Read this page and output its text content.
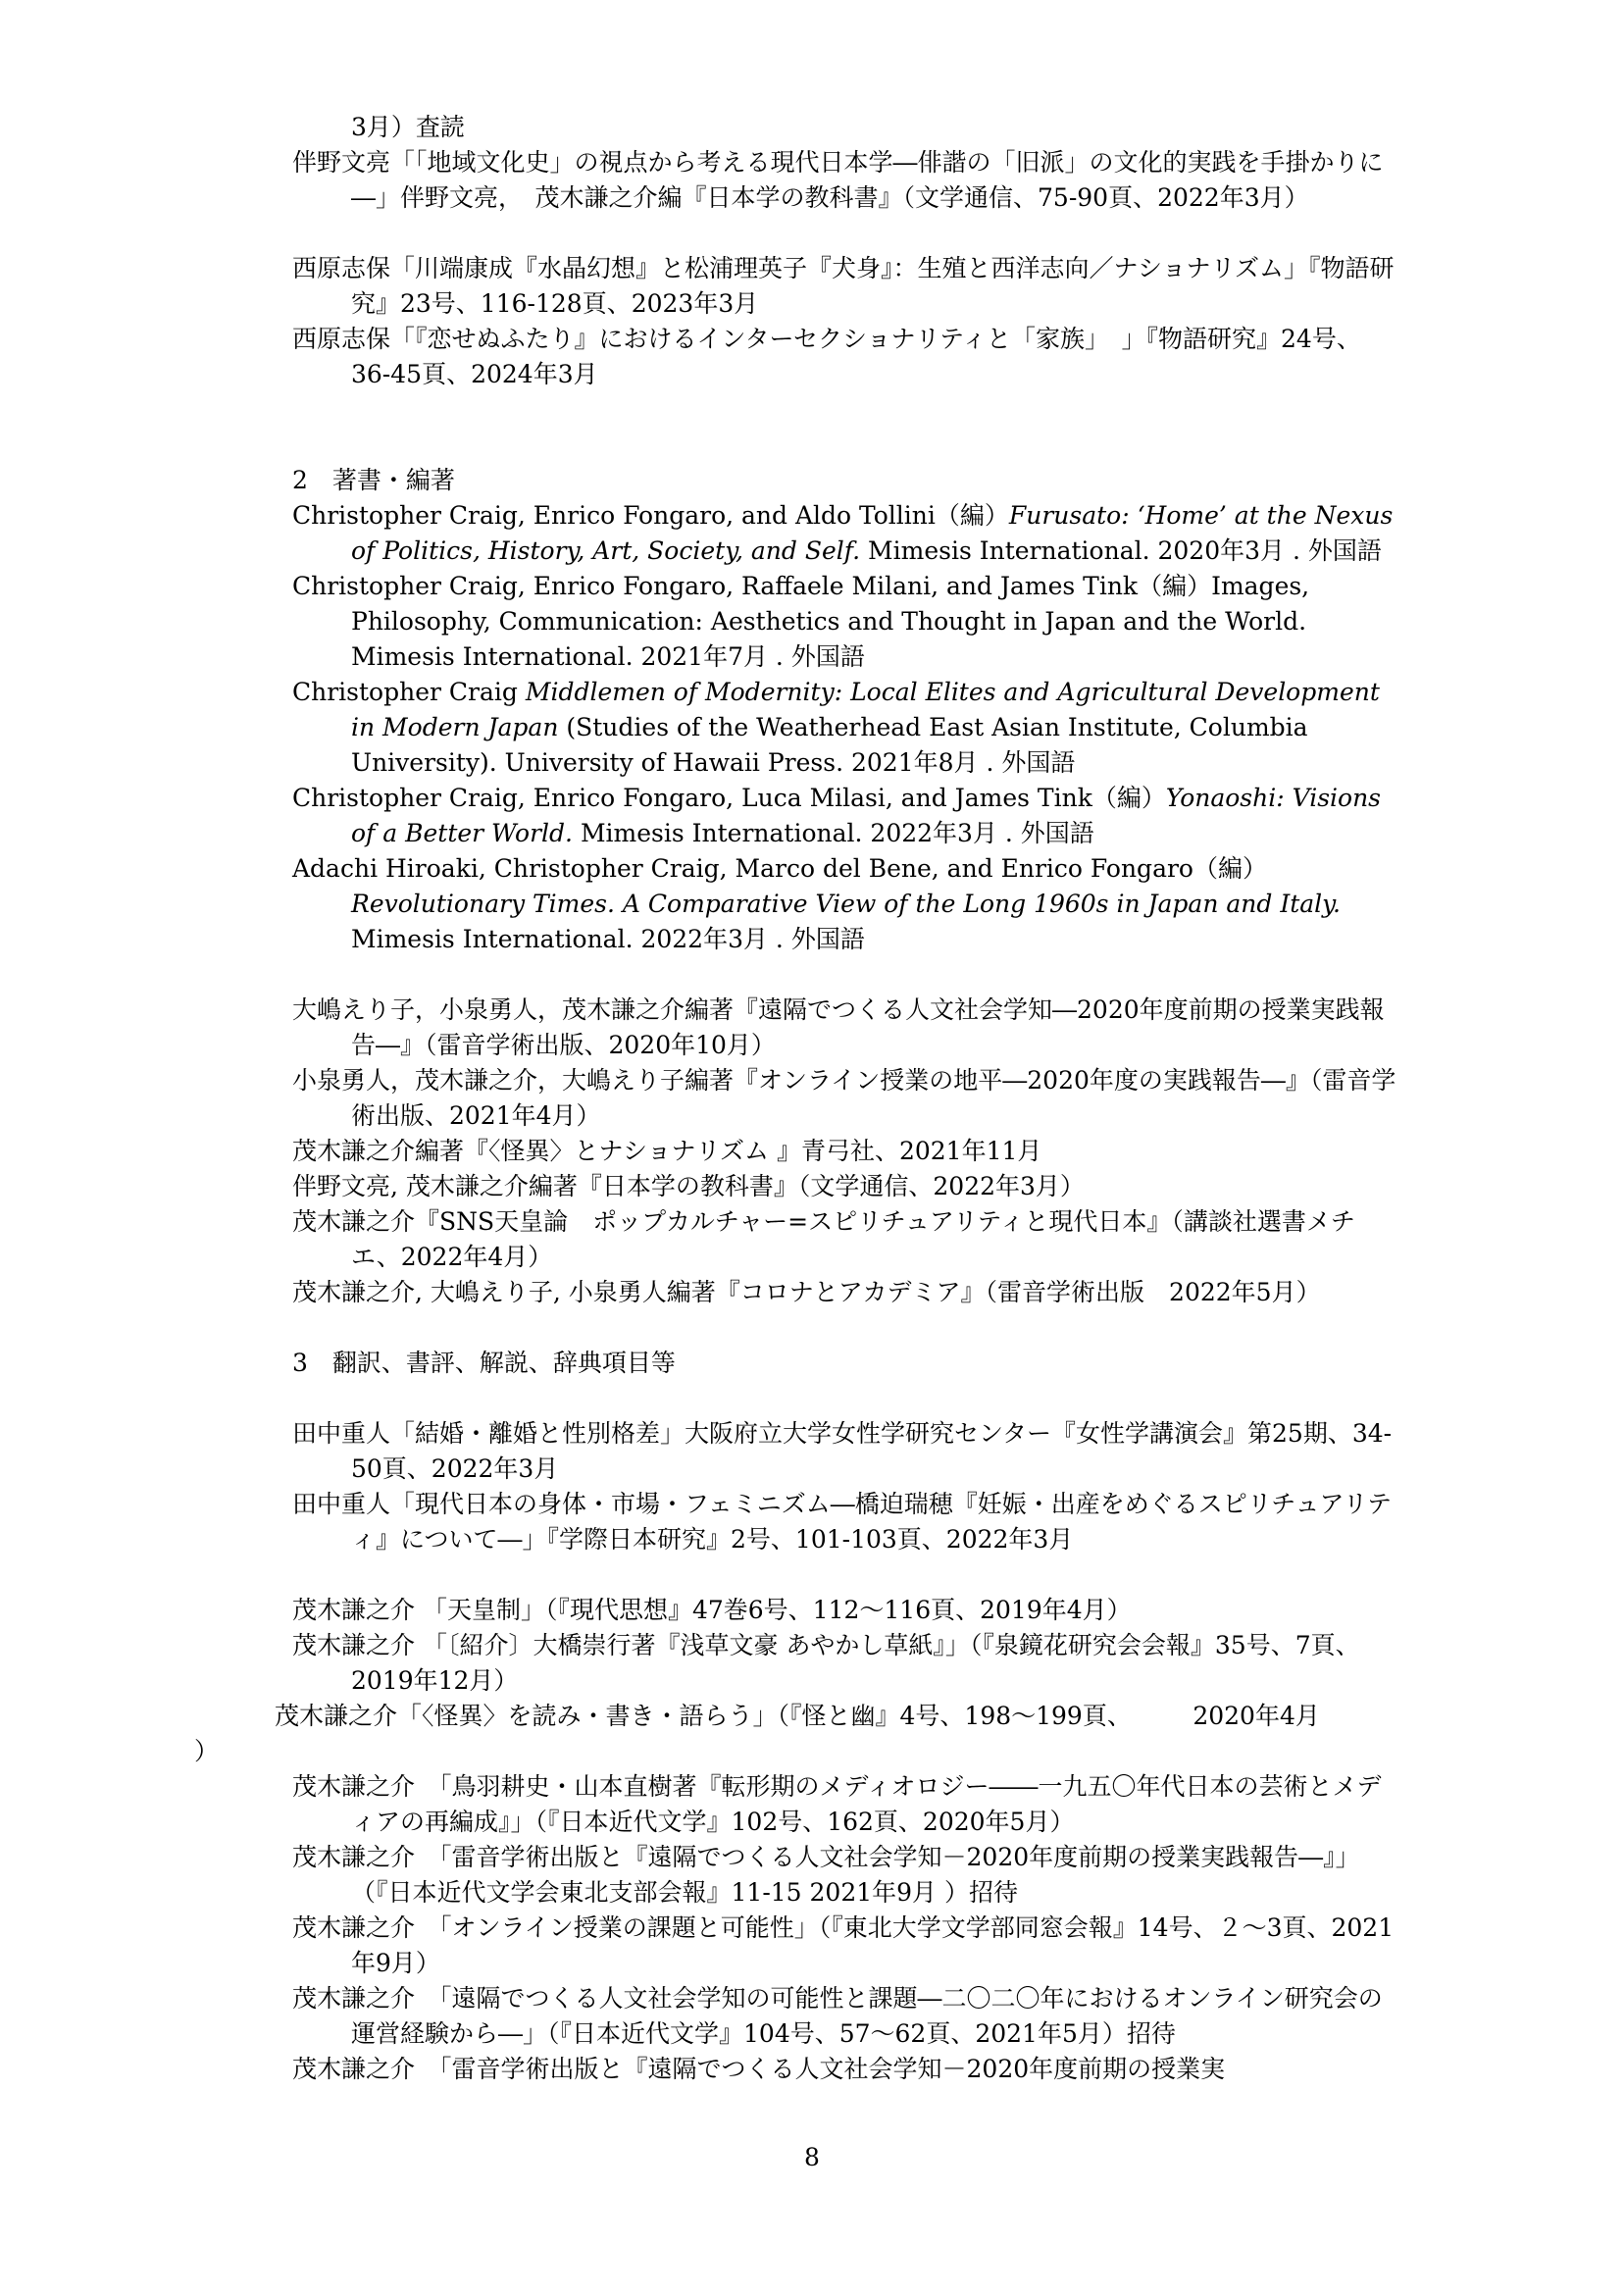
3月）査読

伴野文亮「「地域文化史」の視点から考える現代日本学―俳諧の「旧派」の文化的実践を手掛かりに―」伴野文亮，　茂木謙之介編『日本学の教科書』（文学通信、75-90頁、2022年3月）

西原志保「川端康成『水晶幻想』と松浦理英子『犬身』：生殖と西洋志向／ナショナリズム」『物語研究』23号、116-128頁、2023年3月

西原志保「『恋せぬふたり』におけるインターセクショナリティと「家族」　」『物語研究』24号、36-45頁、2024年3月

2　著書・編著

Christopher Craig, Enrico Fongaro, and Aldo Tollini（編）Furusato: ‘Home’ at the Nexus of Politics, History, Art, Society, and Self. Mimesis International. 2020年3月 . 外国語

Christopher Craig, Enrico Fongaro, Raffaele Milani, and James Tink（編）Images, Philosophy, Communication: Aesthetics and Thought in Japan and the World. Mimesis International. 2021年7月 . 外国語

Christopher Craig Middlemen of Modernity: Local Elites and Agricultural Development in Modern Japan (Studies of the Weatherhead East Asian Institute, Columbia University). University of Hawaii Press. 2021年8月 . 外国語

Christopher Craig, Enrico Fongaro, Luca Milasi, and James Tink（編）Yonaoshi: Visions of a Better World. Mimesis International. 2022年3月 . 外国語

Adachi Hiroaki, Christopher Craig, Marco del Bene, and Enrico Fongaro（編） Revolutionary Times. A Comparative View of the Long 1960s in Japan and Italy. Mimesis International. 2022年3月 . 外国語

大嶋えり子，小泉勇人，茂木謙之介編著『遠隔でつくる人文社会学知―2020年度前期の授業実践報告―』（雷音学術出版、2020年10月）

小泉勇人，茂木謙之介，大嶋えり子編著『オンライン授業の地平―2020年度の実践報告―』（雷音学術出版、2021年4月）

茂木謙之介編著『〈怪異〉とナショナリズム 』青弓社、2021年11月

伴野文亮, 茂木謙之介編著『日本学の教科書』（文学通信、2022年3月）

茂木謙之介『SNS天皇論　ポップカルチャー=スピリチュアリティと現代日本』（講談社選書メチエ、2022年4月）

茂木謙之介, 大嶋えり子, 小泉勇人編著『コロナとアカデミア』（雷音学術出版　2022年5月）

3　翻訳、書評、解説、辞典項目等

田中重人「結婚・離婚と性別格差」大阪府立大学女性学研究センター『女性学講演会』第25期、34-50頁、2022年3月

田中重人「現代日本の身体・市場・フェミニズム―橋迫瑞穂『妊娠・出産をめぐるスピリチュアリティ』について―」『学際日本研究』2号、101-103頁、2022年3月

茂木謙之介 「天皇制」（『現代思想』47巻6号、112～116頁、2019年4月）

茂木謙之介 「〔紹介〕大橋崇行著『浅草文豪 あやかし草紙』」（『泉鏡花研究会会報』35号、7頁、2019年12月）

茂木謙之介「〈怪異〉を読み・書き・語らう」（『怪と幽』4号、198～199頁、　　　2020年4月

）

茂木謙之介　「鳥羽耕史・山本直樹著『転形期のメディオロジー――一九五〇年代日本の芸術とメディアの再編成』」（『日本近代文学』102号、162頁、2020年5月）

茂木謙之介　「雷音学術出版と『遠隔でつくる人文社会学知－2020年度前期の授業実践報告―』」（『日本近代文学会東北支部会報』11-15 2021年9月 ）招待

茂木謙之介　「オンライン授業の課題と可能性」（『東北大学文学部同窓会報』14号、２～3頁、2021年9月）

茂木謙之介　「遠隔でつくる人文社会学知の可能性と課題―二〇二〇年におけるオンライン研究会の運営経験から―」（『日本近代文学』104号、57～62頁、2021年5月）招待

茂木謙之介　「雷音学術出版と『遠隔でつくる人文社会学知－2020年度前期の授業実

8
